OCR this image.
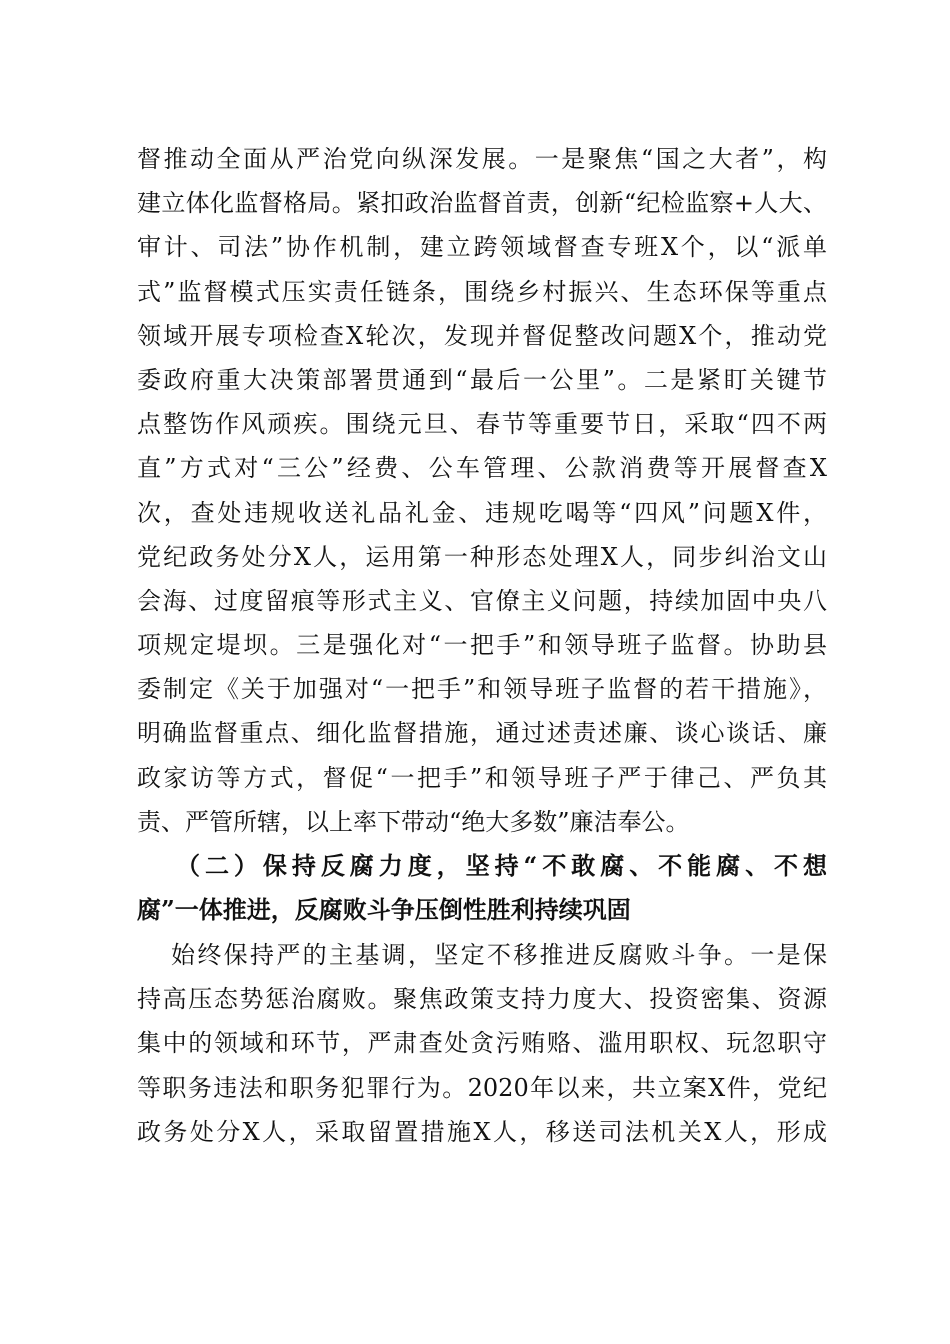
督推动全面从严治党向纵深发展。一是聚焦“国之大者”，构
建立体化监督格局。紧扣政治监督首责，创新“纪检监察+人大、
审计、司法”协作机制，建立跨领域督查专班X个，以“派单
式”监督模式压实责任链条，围绕乡村振兴、生态环保等重点
领域开展专项检查X轮次，发现并督促整改问题X个，推动党
委政府重大决策部署贯通到“最后一公里”。二是紧盯关键节
点整饬作风顽疾。围绕元旦、春节等重要节日，采取“四不两
直”方式对“三公”经费、公车管理、公款消费等开展督查X
次，查处违规收送礼品礼金、违规吃喝等“四风”问题X件，
党纪政务处分X人，运用第一种形态处理X人，同步纠治文山
会海、过度留痕等形式主义、官僚主义问题，持续加固中央八
项规定堤坝。三是强化对“一把手”和领导班子监督。协助县
委制定《关于加强对“一把手”和领导班子监督的若干措施》，
明确监督重点、细化监督措施，通过述责述廉、谈心谈话、廉
政家访等方式，督促“一把手”和领导班子严于律己、严负其
责、严管所辖，以上率下带动“绝大多数”廉洁奉公。
（二）保持反腐力度，坚持“不敢腐、不能腐、不想
腐”一体推进，反腐败斗争压倒性胜利持续巩固
始终保持严的主基调，坚定不移推进反腐败斗争。一是保
持高压态势惩治腐败。聚焦政策支持力度大、投资密集、资源
集中的领域和环节，严肃查处贪污贿赂、滥用职权、玩忽职守
等职务违法和职务犯罪行为。2020年以来，共立案X件，党纪
政务处分X人，采取留置措施X人，移送司法机关X人，形成
